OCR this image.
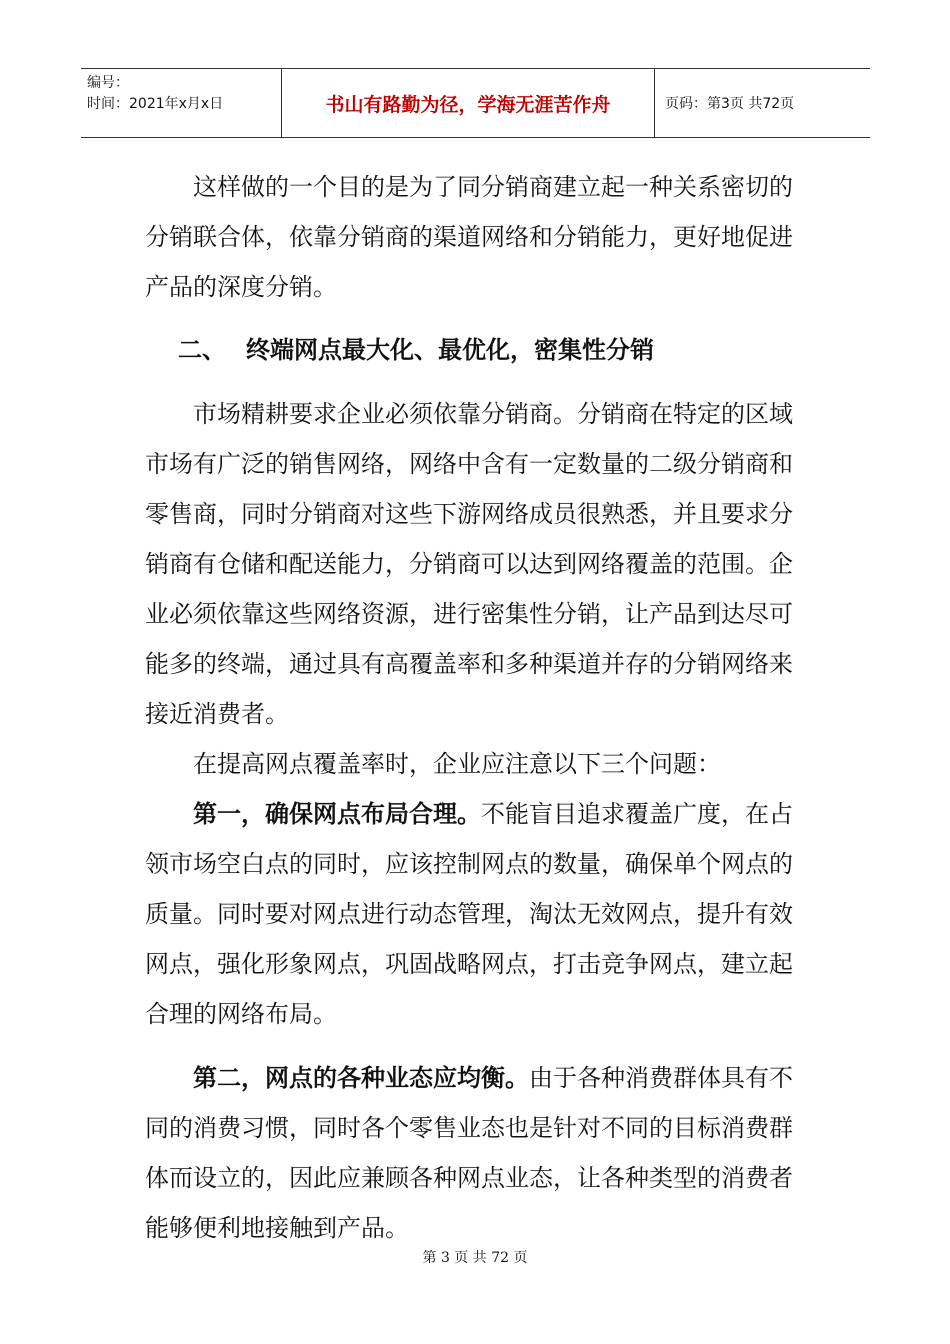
编号：
时间：2021年x月x日	书山有路勤为径，学海无涯苦作舟	页码：第3页 共72页

这样做的一个目的是为了同分销商建立起一种关系密切的分销联合体，依靠分销商的渠道网络和分销能力，更好地促进产品的深度分销。

二、 终端网点最大化、最优化，密集性分销

市场精耕要求企业必须依靠分销商。分销商在特定的区域市场有广泛的销售网络，网络中含有一定数量的二级分销商和零售商，同时分销商对这些下游网络成员很熟悉，并且要求分销商有仓储和配送能力，分销商可以达到网络覆盖的范围。企业必须依靠这些网络资源，进行密集性分销，让产品到达尽可能多的终端，通过具有高覆盖率和多种渠道并存的分销网络来接近消费者。

在提高网点覆盖率时，企业应注意以下三个问题：

第一，确保网点布局合理。不能盲目追求覆盖广度，在占领市场空白点的同时，应该控制网点的数量，确保单个网点的质量。同时要对网点进行动态管理，淘汰无效网点，提升有效网点，强化形象网点，巩固战略网点，打击竞争网点，建立起合理的网络布局。

第二，网点的各种业态应均衡。由于各种消费群体具有不同的消费习惯，同时各个零售业态也是针对不同的目标消费群体而设立的，因此应兼顾各种网点业态，让各种类型的消费者能够便利地接触到产品。

第 3 页 共 72 页
